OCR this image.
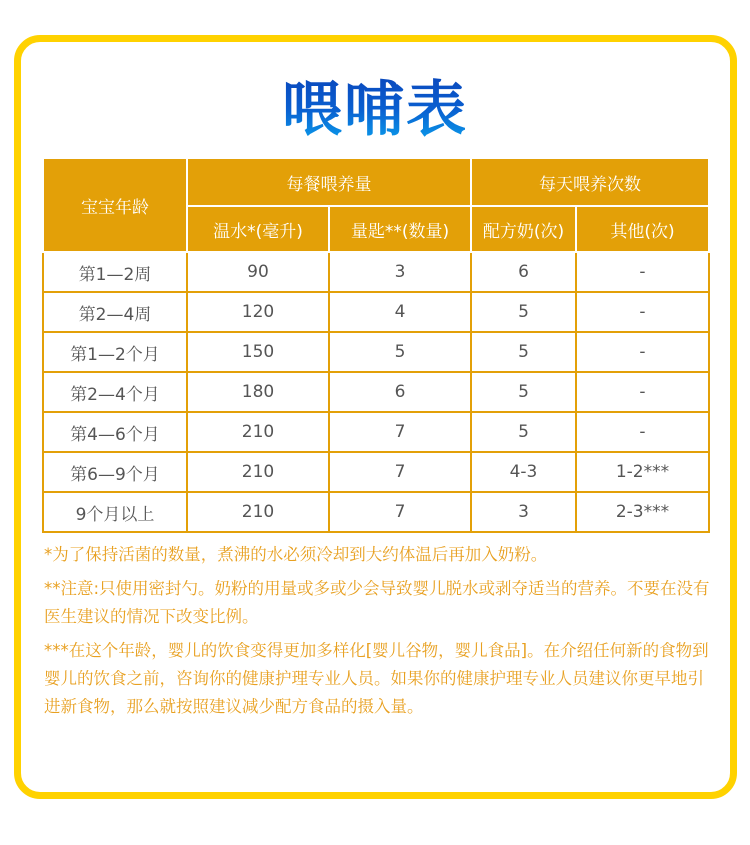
喂哺表
宝宝年龄	每餐喂养量		每天喂养次数	
	温水*(毫升)	量匙**(数量)	配方奶(次)	其他(次)
第1—2周	90	3	6	-
第2—4周	120	4	5	-
第1—2个月	150	5	5	-
第2—4个月	180	6	5	-
第4—6个月	210	7	5	-
第6—9个月	210	7	4-3	1-2***
9个月以上	210	7	3	2-3***

*为了保持活菌的数量，煮沸的水必须冷却到大约体温后再加入奶粉。

**注意:只使用密封勺。奶粉的用量或多或少会导致婴儿脱水或剥夺适当的营养。不要在没有医生建议的情况下改变比例。

***在这个年龄，婴儿的饮食变得更加多样化[婴儿谷物，婴儿食品]。在介绍任何新的食物到婴儿的饮食之前，咨询你的健康护理专业人员。如果你的健康护理专业人员建议你更早地引进新食物，那么就按照建议减少配方食品的摄入量。
